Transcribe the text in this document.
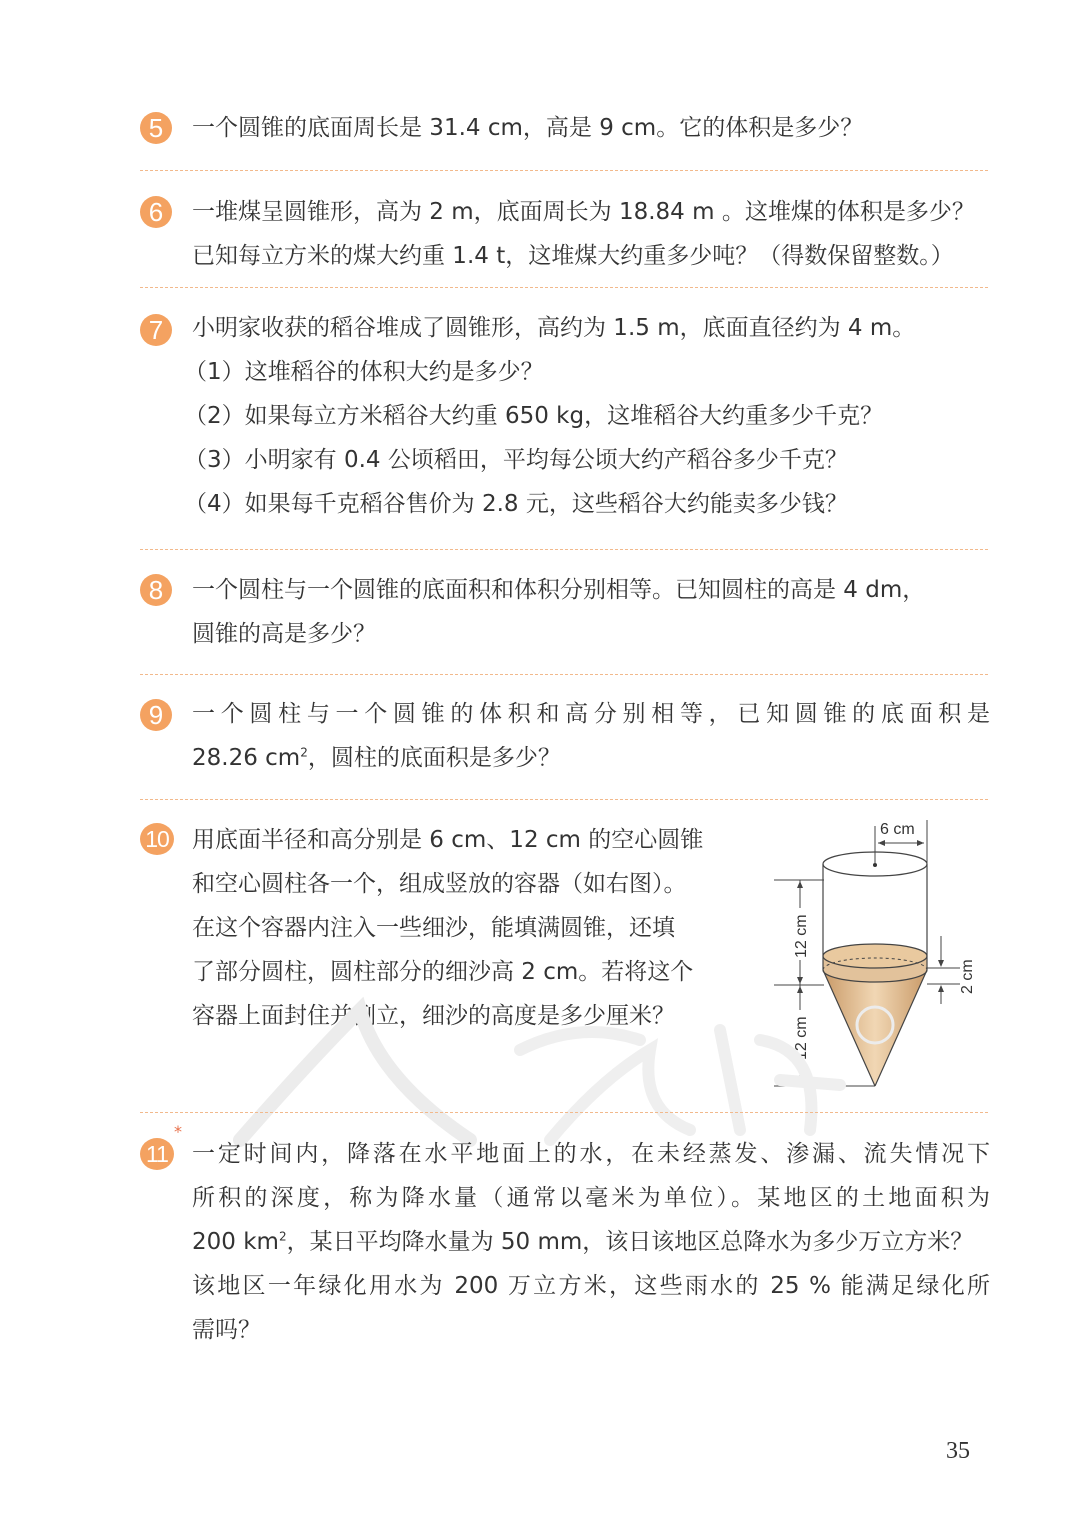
5	一个圆锥的底面周长是 31.4 cm，高是 9 cm。它的体积是多少？
6	一堆煤呈圆锥形，高为 2 m，底面周长为 18.84 m 。这堆煤的体积是多少？
已知每立方米的煤大约重 1.4 t，这堆煤大约重多少吨？（得数保留整数。）
7	小明家收获的稻谷堆成了圆锥形，高约为 1.5 m，底面直径约为 4 m。
（1）这堆稻谷的体积大约是多少？
（2）如果每立方米稻谷大约重 650 kg，这堆稻谷大约重多少千克？
（3）小明家有 0.4 公顷稻田，平均每公顷大约产稻谷多少千克？
（4）如果每千克稻谷售价为 2.8 元，这些稻谷大约能卖多少钱？
8	一个圆柱与一个圆锥的底面积和体积分别相等。已知圆柱的高是 4 dm，
圆锥的高是多少？
9	一个圆柱与一个圆锥的体积和高分别相等，已知圆锥的底面积是
28.26 $cm^2$，圆柱的底面积是多少？
10 用底面半径和高分别是 6 cm、12 cm 的空心圆锥
和空心圆柱各一个，组成竖放的容器（如右图）。
在这个容器内注入一些细沙，能填满圆锥，还填
了部分圆柱，圆柱部分的细沙高 2 cm。若将这个
容器上面封住并倒立，细沙的高度是多少厘米？
6 cm
12 cm
12 cm
2 cm
*
11 一定时间内，降落在水平地面上的水，在未经蒸发、渗漏、流失情况下
所积的深度，称为降水量（通常以毫米为单位）。某地区的土地面积为
200 $km^2$，某日平均降水量为 50 mm，该日该地区总降水为多少万立方米？
该地区一年绿化用水为 200 万立方米，这些雨水的 25 % 能满足绿化所
需吗？
35
